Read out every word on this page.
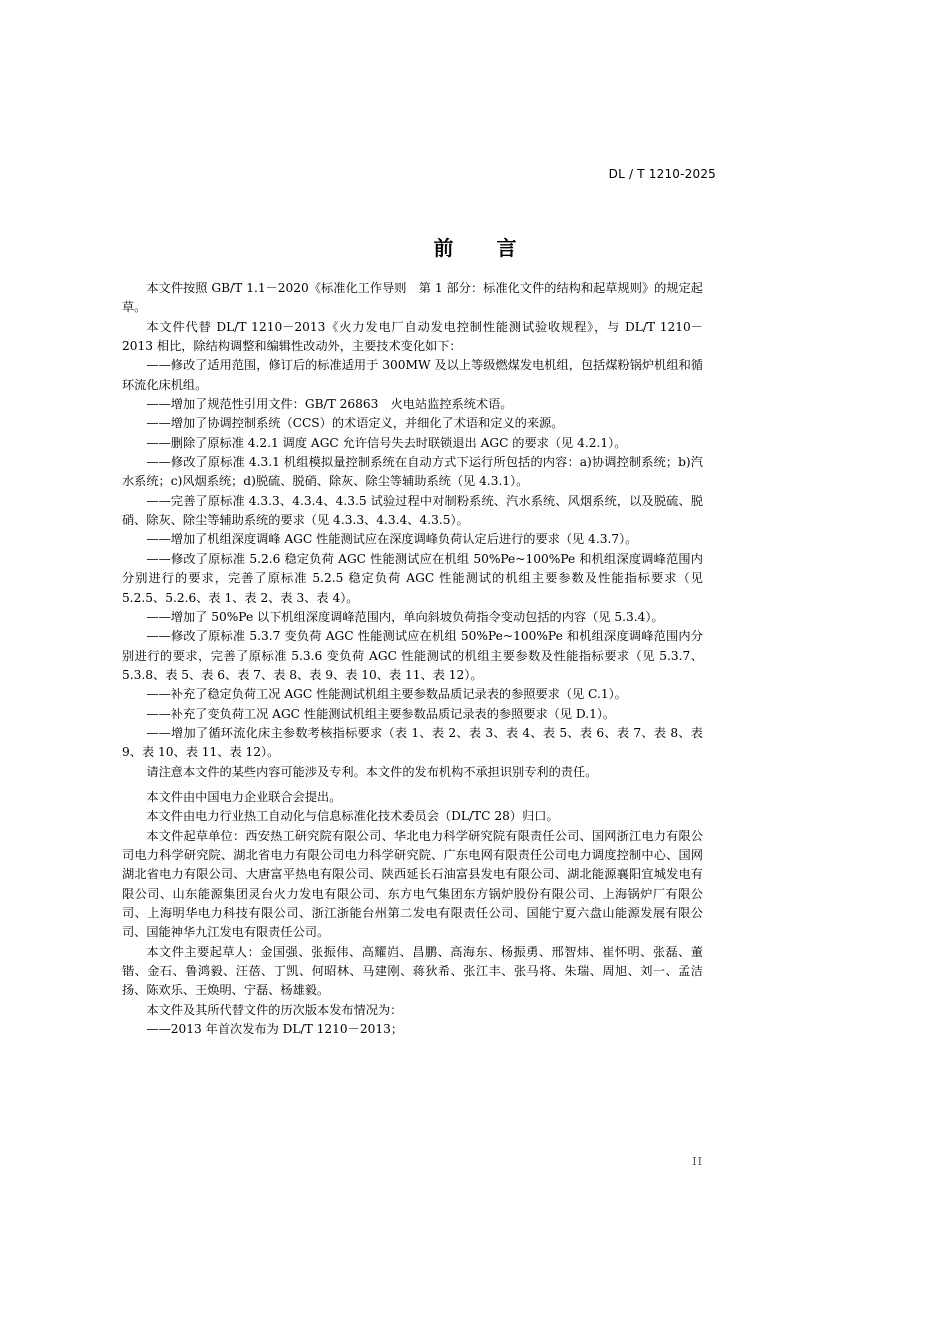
DL / T 1210-2025
前 言

本文件按照 GB/T 1.1－2020《标准化工作导则　第 1 部分：标准化文件的结构和起草规则》的规定起草。

本文件代替 DL/T 1210－2013《火力发电厂自动发电控制性能测试验收规程》，与 DL/T 1210－2013 相比，除结构调整和编辑性改动外，主要技术变化如下：

——修改了适用范围，修订后的标准适用于 300MW 及以上等级燃煤发电机组，包括煤粉锅炉机组和循环流化床机组。

——增加了规范性引用文件：GB/T 26863　火电站监控系统术语。

——增加了协调控制系统（CCS）的术语定义，并细化了术语和定义的来源。

——删除了原标准 4.2.1 调度 AGC 允许信号失去时联锁退出 AGC 的要求（见 4.2.1）。

——修改了原标准 4.3.1 机组模拟量控制系统在自动方式下运行所包括的内容：a)协调控制系统；b)汽水系统；c)风烟系统；d)脱硫、脱硝、除灰、除尘等辅助系统（见 4.3.1）。

——完善了原标准 4.3.3、4.3.4、4.3.5 试验过程中对制粉系统、汽水系统、风烟系统，以及脱硫、脱硝、除灰、除尘等辅助系统的要求（见 4.3.3、4.3.4、4.3.5）。

——增加了机组深度调峰 AGC 性能测试应在深度调峰负荷认定后进行的要求（见 4.3.7）。

——修改了原标准 5.2.6 稳定负荷 AGC 性能测试应在机组 50%Pe~100%Pe 和机组深度调峰范围内分别进行的要求，完善了原标准 5.2.5 稳定负荷 AGC 性能测试的机组主要参数及性能指标要求（见 5.2.5、5.2.6、表 1、表 2、表 3、表 4）。

——增加了 50%Pe 以下机组深度调峰范围内，单向斜坡负荷指令变动包括的内容（见 5.3.4）。

——修改了原标准 5.3.7 变负荷 AGC 性能测试应在机组 50%Pe~100%Pe 和机组深度调峰范围内分别进行的要求，完善了原标准 5.3.6 变负荷 AGC 性能测试的机组主要参数及性能指标要求（见 5.3.7、5.3.8、表 5、表 6、表 7、表 8、表 9、表 10、表 11、表 12）。

——补充了稳定负荷工况 AGC 性能测试机组主要参数品质记录表的参照要求（见 C.1）。

——补充了变负荷工况 AGC 性能测试机组主要参数品质记录表的参照要求（见 D.1）。

——增加了循环流化床主参数考核指标要求（表 1、表 2、表 3、表 4、表 5、表 6、表 7、表 8、表 9、表 10、表 11、表 12）。

请注意本文件的某些内容可能涉及专利。本文件的发布机构不承担识别专利的责任。

本文件由中国电力企业联合会提出。

本文件由电力行业热工自动化与信息标准化技术委员会（DL/TC 28）归口。

本文件起草单位：西安热工研究院有限公司、华北电力科学研究院有限责任公司、国网浙江电力有限公司电力科学研究院、湖北省电力有限公司电力科学研究院、广东电网有限责任公司电力调度控制中心、国网湖北省电力有限公司、大唐富平热电有限公司、陕西延长石油富县发电有限公司、湖北能源襄阳宜城发电有限公司、山东能源集团灵台火力发电有限公司、东方电气集团东方锅炉股份有限公司、上海锅炉厂有限公司、上海明华电力科技有限公司、浙江浙能台州第二发电有限责任公司、国能宁夏六盘山能源发展有限公司、国能神华九江发电有限责任公司。

本文件主要起草人：金国强、张振伟、高耀岿、昌鹏、高海东、杨振勇、邢智炜、崔怀明、张磊、董锴、金石、鲁鸿毅、汪蓓、丁凯、何昭林、马建刚、蒋狄希、张江丰、张马将、朱瑞、周旭、刘一、孟洁扬、陈欢乐、王焕明、宁磊、杨雄毅。

本文件及其所代替文件的历次版本发布情况为：

——2013 年首次发布为 DL/T 1210－2013；

II
